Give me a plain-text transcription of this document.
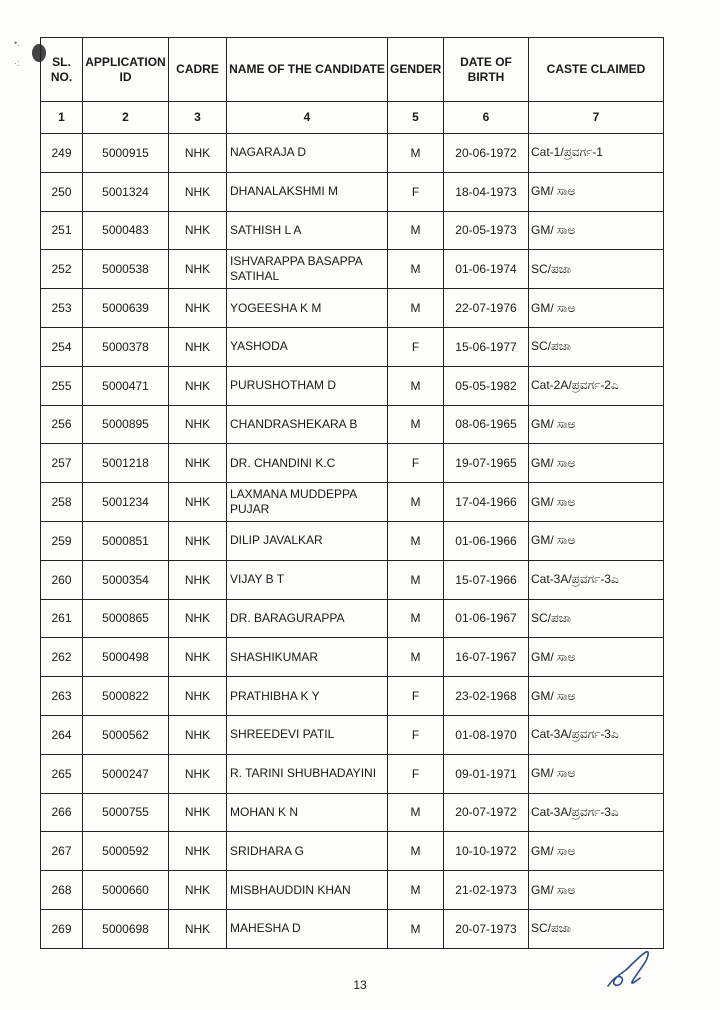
•.

·:	SL. NO.	APPLICATION ID	CADRE	NAME OF THE CANDIDATE	GENDER	DATE OF BIRTH	CASTE CLAIMED
1	2	3	4	5	6	7
249	5000915	NHK	NAGARAJA D	M	20-06-1972	Cat-1/ಪ್ರವರ್ಗ-1
250	5001324	NHK	DHANALAKSHMI M	F	18-04-1973	GM/ ಸಾಅ
251	5000483	NHK	SATHISH L A	M	20-05-1973	GM/ ಸಾಅ
252	5000538	NHK	ISHVARAPPA BASAPPA SATIHAL	M	01-06-1974	SC/ಪಜಾ
253	5000639	NHK	YOGEESHA K M	M	22-07-1976	GM/ ಸಾಅ
254	5000378	NHK	YASHODA	F	15-06-1977	SC/ಪಜಾ
255	5000471	NHK	PURUSHOTHAM D	M	05-05-1982	Cat-2A/ಪ್ರವರ್ಗ-2ಎ
256	5000895	NHK	CHANDRASHEKARA B	M	08-06-1965	GM/ ಸಾಅ
257	5001218	NHK	DR. CHANDINI K.C	F	19-07-1965	GM/ ಸಾಅ
258	5001234	NHK	LAXMANA MUDDEPPA PUJAR	M	17-04-1966	GM/ ಸಾಅ
259	5000851	NHK	DILIP JAVALKAR	M	01-06-1966	GM/ ಸಾಅ
260	5000354	NHK	VIJAY B T	M	15-07-1966	Cat-3A/ಪ್ರವರ್ಗ-3ಎ
261	5000865	NHK	DR. BARAGURAPPA	M	01-06-1967	SC/ಪಜಾ
262	5000498	NHK	SHASHIKUMAR	M	16-07-1967	GM/ ಸಾಅ
263	5000822	NHK	PRATHIBHA K Y	F	23-02-1968	GM/ ಸಾಅ
264	5000562	NHK	SHREEDEVI PATIL	F	01-08-1970	Cat-3A/ಪ್ರವರ್ಗ-3ಎ
265	5000247	NHK	R. TARINI SHUBHADAYINI	F	09-01-1971	GM/ ಸಾಅ
266	5000755	NHK	MOHAN K N	M	20-07-1972	Cat-3A/ಪ್ರವರ್ಗ-3ಎ
267	5000592	NHK	SRIDHARA G	M	10-10-1972	GM/ ಸಾಅ
268	5000660	NHK	MISBHAUDDIN KHAN	M	21-02-1973	GM/ ಸಾಅ
269	5000698	NHK	MAHESHA D	M	20-07-1973	SC/ಪಜಾ
13
